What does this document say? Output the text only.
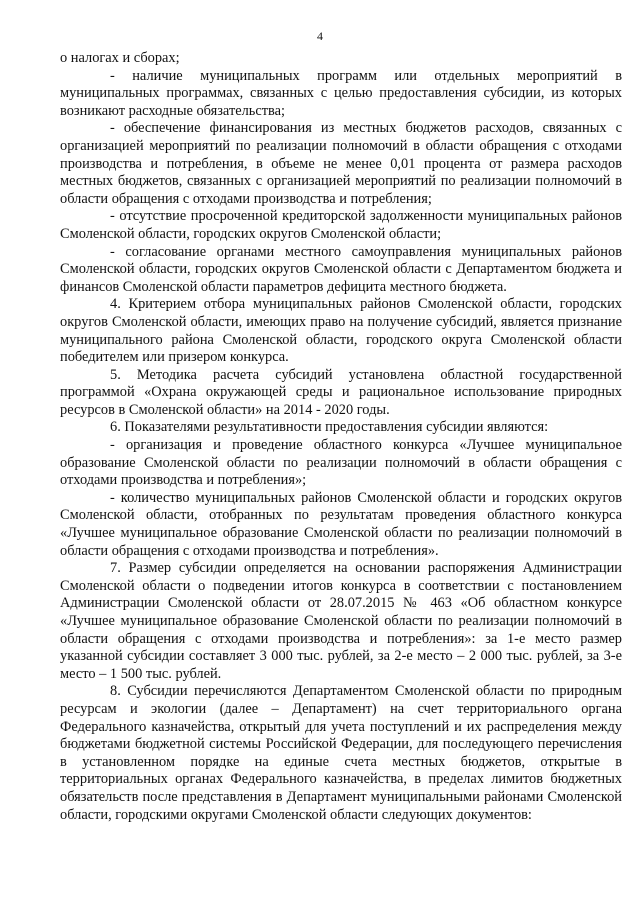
4

о налогах и сборах;

- наличие муниципальных программ или отдельных мероприятий в муниципальных программах, связанных с целью предоставления субсидии, из которых возникают расходные обязательства;

- обеспечение финансирования из местных бюджетов расходов, связанных с организацией мероприятий по реализации полномочий в области обращения с отходами производства и потребления, в объеме не менее 0,01 процента от размера расходов местных бюджетов, связанных с организацией мероприятий по реализации полномочий в области обращения с отходами производства и потребления;

- отсутствие просроченной кредиторской задолженности муниципальных районов Смоленской области, городских округов Смоленской области;

- согласование органами местного самоуправления муниципальных районов Смоленской области, городских округов Смоленской области с Департаментом бюджета и финансов Смоленской области параметров дефицита местного бюджета.

4. Критерием отбора муниципальных районов Смоленской области, городских округов Смоленской области, имеющих право на получение субсидий, является признание муниципального района Смоленской области, городского округа Смоленской области победителем или призером конкурса.

5. Методика расчета субсидий установлена областной государственной программой «Охрана окружающей среды и рациональное использование природных ресурсов в Смоленской области» на 2014 - 2020 годы.

6. Показателями результативности предоставления субсидии являются:

- организация и проведение областного конкурса «Лучшее муниципальное образование Смоленской области по реализации полномочий в области обращения с отходами производства и потребления»;

- количество муниципальных районов Смоленской области и городских округов Смоленской области, отобранных по результатам проведения областного конкурса «Лучшее муниципальное образование Смоленской области по реализации полномочий в области обращения с отходами производства и потребления».

7. Размер субсидии определяется на основании распоряжения Администрации Смоленской области о подведении итогов конкурса в соответствии с постановлением Администрации Смоленской области от 28.07.2015 № 463 «Об областном конкурсе «Лучшее муниципальное образование Смоленской области по реализации полномочий в области обращения с отходами производства и потребления»: за 1-е место размер указанной субсидии составляет 3 000 тыс. рублей, за 2-е место – 2 000 тыс. рублей, за 3-е место – 1 500 тыс. рублей.

8. Субсидии перечисляются Департаментом Смоленской области по природным ресурсам и экологии (далее – Департамент) на счет территориального органа Федерального казначейства, открытый для учета поступлений и их распределения между бюджетами бюджетной системы Российской Федерации, для последующего перечисления в установленном порядке на единые счета местных бюджетов, открытые в территориальных органах Федерального казначейства, в пределах лимитов бюджетных обязательств после представления в Департамент муниципальными районами Смоленской области, городскими округами Смоленской области следующих документов:
